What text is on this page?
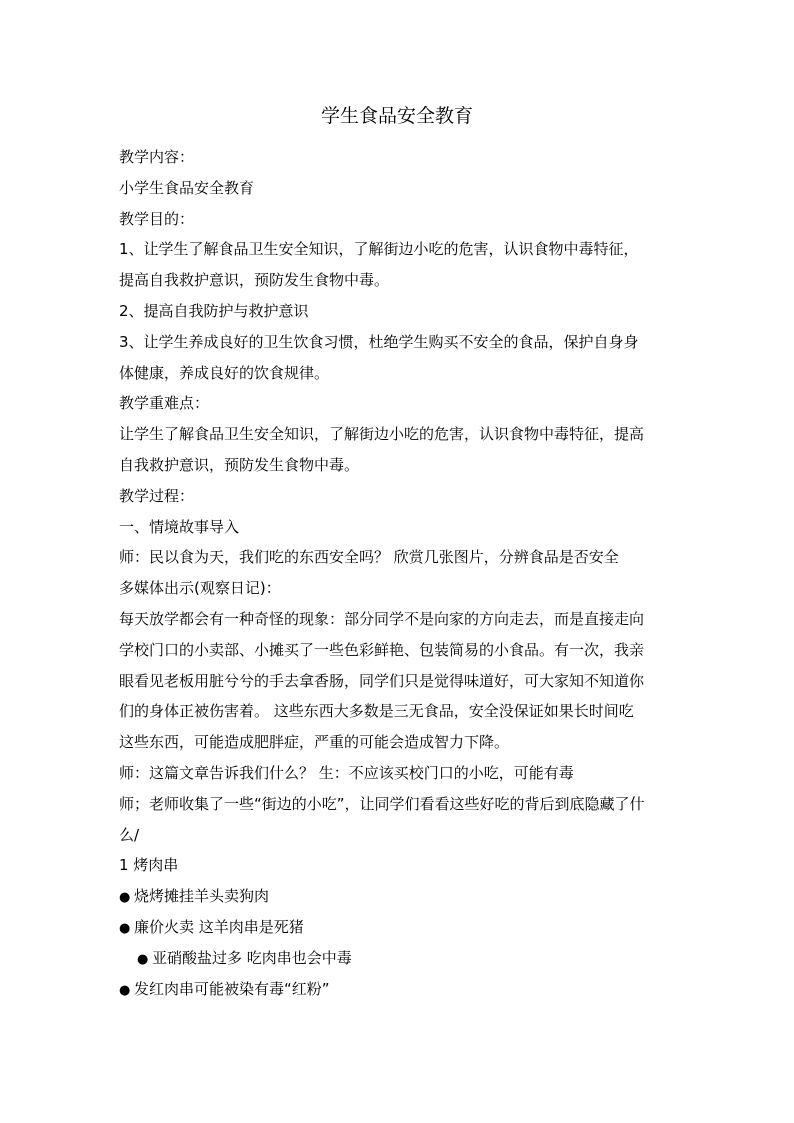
学生食品安全教育
教学内容：
小学生食品安全教育
教学目的：
1、让学生了解食品卫生安全知识，了解街边小吃的危害，认识食物中毒特征，
提高自我救护意识，预防发生食物中毒。
2、提高自我防护与救护意识
3、让学生养成良好的卫生饮食习惯，杜绝学生购买不安全的食品，保护自身身
体健康，养成良好的饮食规律。
教学重难点：
让学生了解食品卫生安全知识，了解街边小吃的危害，认识食物中毒特征，提高
自我救护意识，预防发生食物中毒。
教学过程：
一、情境故事导入
师：民以食为天，我们吃的东西安全吗？ 欣赏几张图片，分辨食品是否安全
多媒体出示(观察日记)：
每天放学都会有一种奇怪的现象：部分同学不是向家的方向走去，而是直接走向
学校门口的小卖部、小摊买了一些色彩鲜艳、包装简易的小食品。有一次，我亲
眼看见老板用脏兮兮的手去拿香肠，同学们只是觉得味道好，可大家知不知道你
们的身体正被伤害着。 这些东西大多数是三无食品，安全没保证如果长时间吃
这些东西，可能造成肥胖症，严重的可能会造成智力下降。
师：这篇文章告诉我们什么？ 生：不应该买校门口的小吃，可能有毒
师；老师收集了一些“街边的小吃”，让同学们看看这些好吃的背后到底隐藏了什
么/
1 烤肉串
● 烧烤摊挂羊头卖狗肉
● 廉价火卖 这羊肉串是死猪
● 亚硝酸盐过多 吃肉串也会中毒
● 发红肉串可能被染有毒“红粉”
